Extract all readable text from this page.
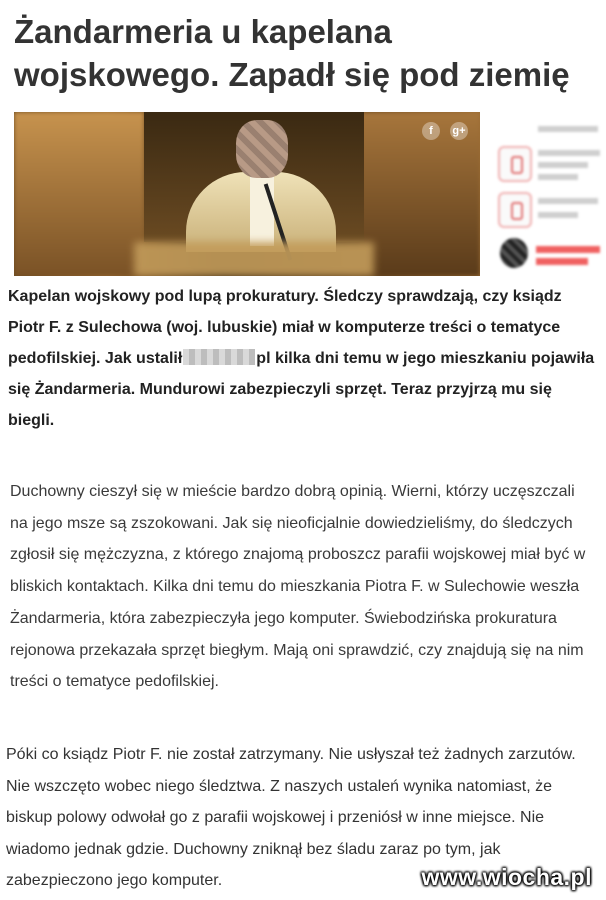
Żandarmeria u kapelana wojskowego. Zapadł się pod ziemię
f	g+

Kapelan wojskowy pod lupą prokuratury. Śledczy sprawdzają, czy ksiądz Piotr F. z Sulechowa (woj. lubuskie) miał w komputerze treści o tematyce pedofilskiej. Jak ustalił	pl kilka dni temu w jego mieszkaniu pojawiła się Żandarmeria. Mundurowi zabezpieczyli sprzęt. Teraz przyjrzą mu się biegli.

Duchowny cieszył się w mieście bardzo dobrą opinią. Wierni, którzy uczęszczali na jego msze są zszokowani. Jak się nieoficjalnie dowiedzieliśmy, do śledczych zgłosił się mężczyzna, z którego znajomą proboszcz parafii wojskowej miał być w bliskich kontaktach. Kilka dni temu do mieszkania Piotra F. w Sulechowie weszła Żandarmeria, która zabezpieczyła jego komputer. Świebodzińska prokuratura rejonowa przekazała sprzęt biegłym. Mają oni sprawdzić, czy znajdują się na nim treści o tematyce pedofilskiej.

Póki co ksiądz Piotr F. nie został zatrzymany. Nie usłyszał też żadnych zarzutów. Nie wszczęto wobec niego śledztwa. Z naszych ustaleń wynika natomiast, że biskup polowy odwołał go z parafii wojskowej i przeniósł w inne miejsce. Nie wiadomo jednak gdzie. Duchowny zniknął bez śladu zaraz po tym, jak zabezpieczono jego komputer.	www.wiocha.pl
